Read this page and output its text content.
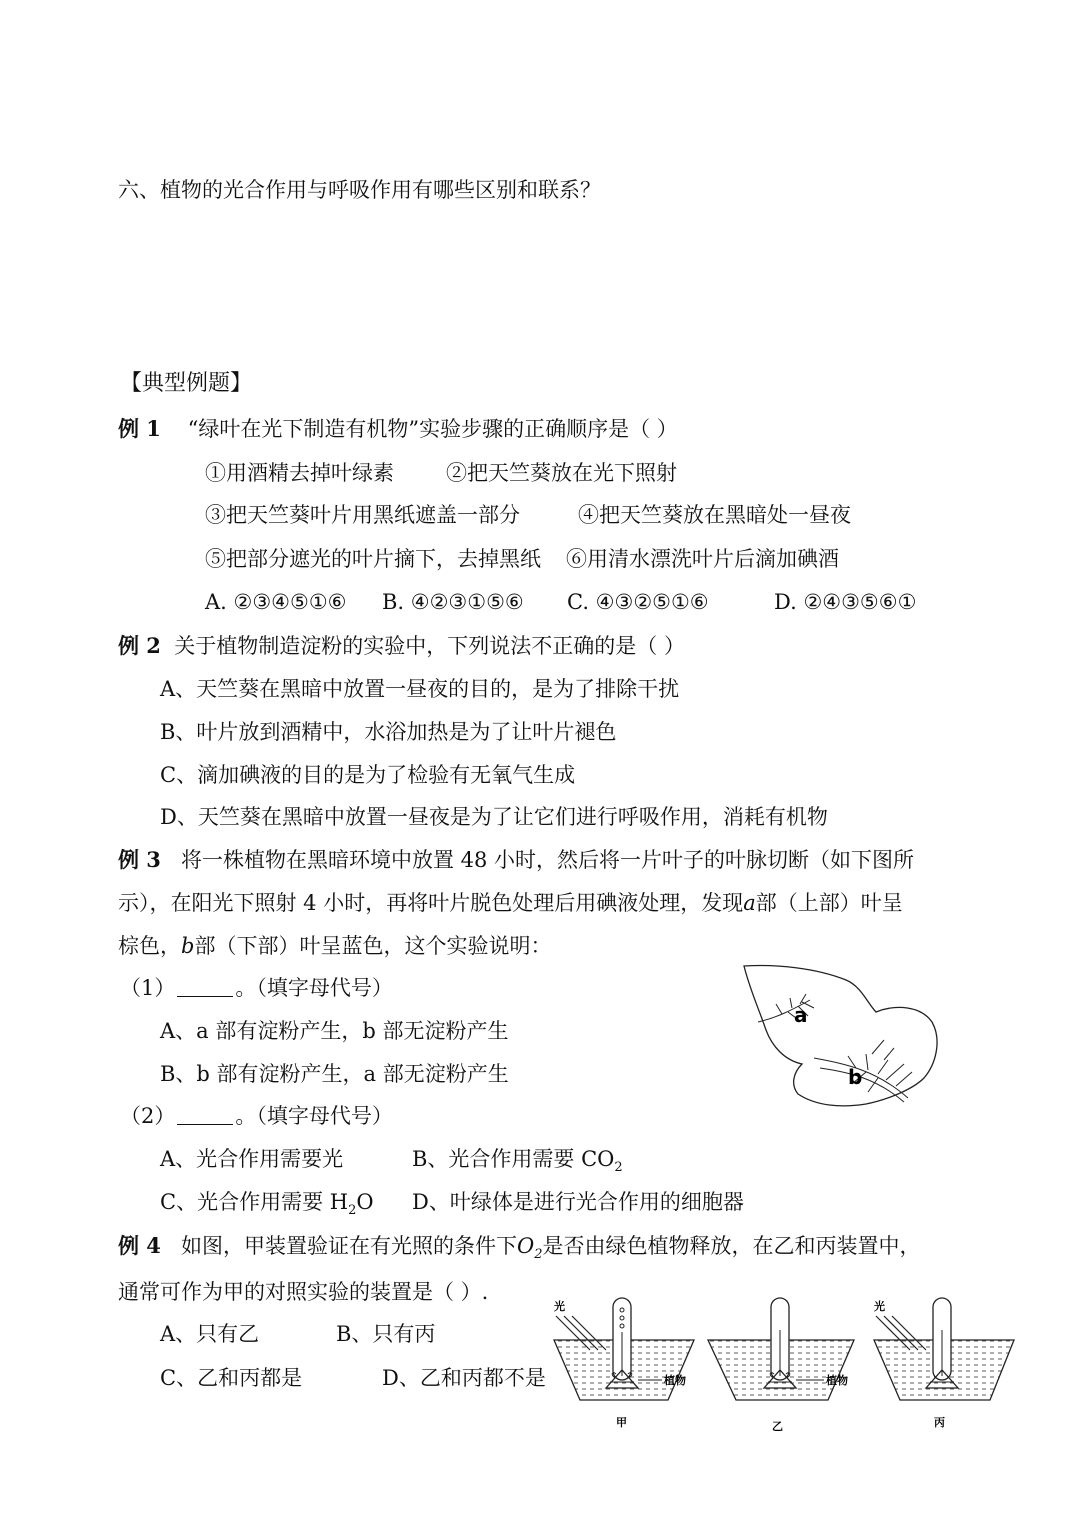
六、植物的光合作用与呼吸作用有哪些区别和联系？
【典型例题】
例 1 “绿叶在光下制造有机物”实验步骤的正确顺序是（ ）
①用酒精去掉叶绿素 ②把天竺葵放在光下照射
③把天竺葵叶片用黑纸遮盖一部分	④把天竺葵放在黑暗处一昼夜
⑤把部分遮光的叶片摘下，去掉黑纸 ⑥用清水漂洗叶片后滴加碘酒
A. ②③④⑤①⑥ B. ④②③①⑤⑥ C. ④③②⑤①⑥	D. ②④③⑤⑥①
例 2 关于植物制造淀粉的实验中，下列说法不正确的是（ ）
A、天竺葵在黑暗中放置一昼夜的目的，是为了排除干扰
B、叶片放到酒精中，水浴加热是为了让叶片褪色
C、滴加碘液的目的是为了检验有无氧气生成
D、天竺葵在黑暗中放置一昼夜是为了让它们进行呼吸作用，消耗有机物
例 3 将一株植物在黑暗环境中放置 48 小时，然后将一片叶子的叶脉切断（如下图所
示），在阳光下照射 4 小时，再将叶片脱色处理后用碘液处理，发现a部（上部）叶呈
棕色，b部（下部）叶呈蓝色，这个实验说明：
（1）	。（填字母代号）
A、a 部有淀粉产生，b 部无淀粉产生
B、b 部有淀粉产生，a 部无淀粉产生
（2）	。（填字母代号）
A、光合作用需要光	B、光合作用需要 $CO_2$
C、光合作用需要 $H_2O$ D、叶绿体是进行光合作用的细胞器
a
b
例 4 如图，甲装置验证在有光照的条件下$O_2$是否由绿色植物释放，在乙和丙装置中，
通常可作为甲的对照实验的装置是（ ）.
A、只有乙	B、只有丙
C、乙和丙都是	D、乙和丙都不是
光
植物
甲
植物
乙
光
丙
